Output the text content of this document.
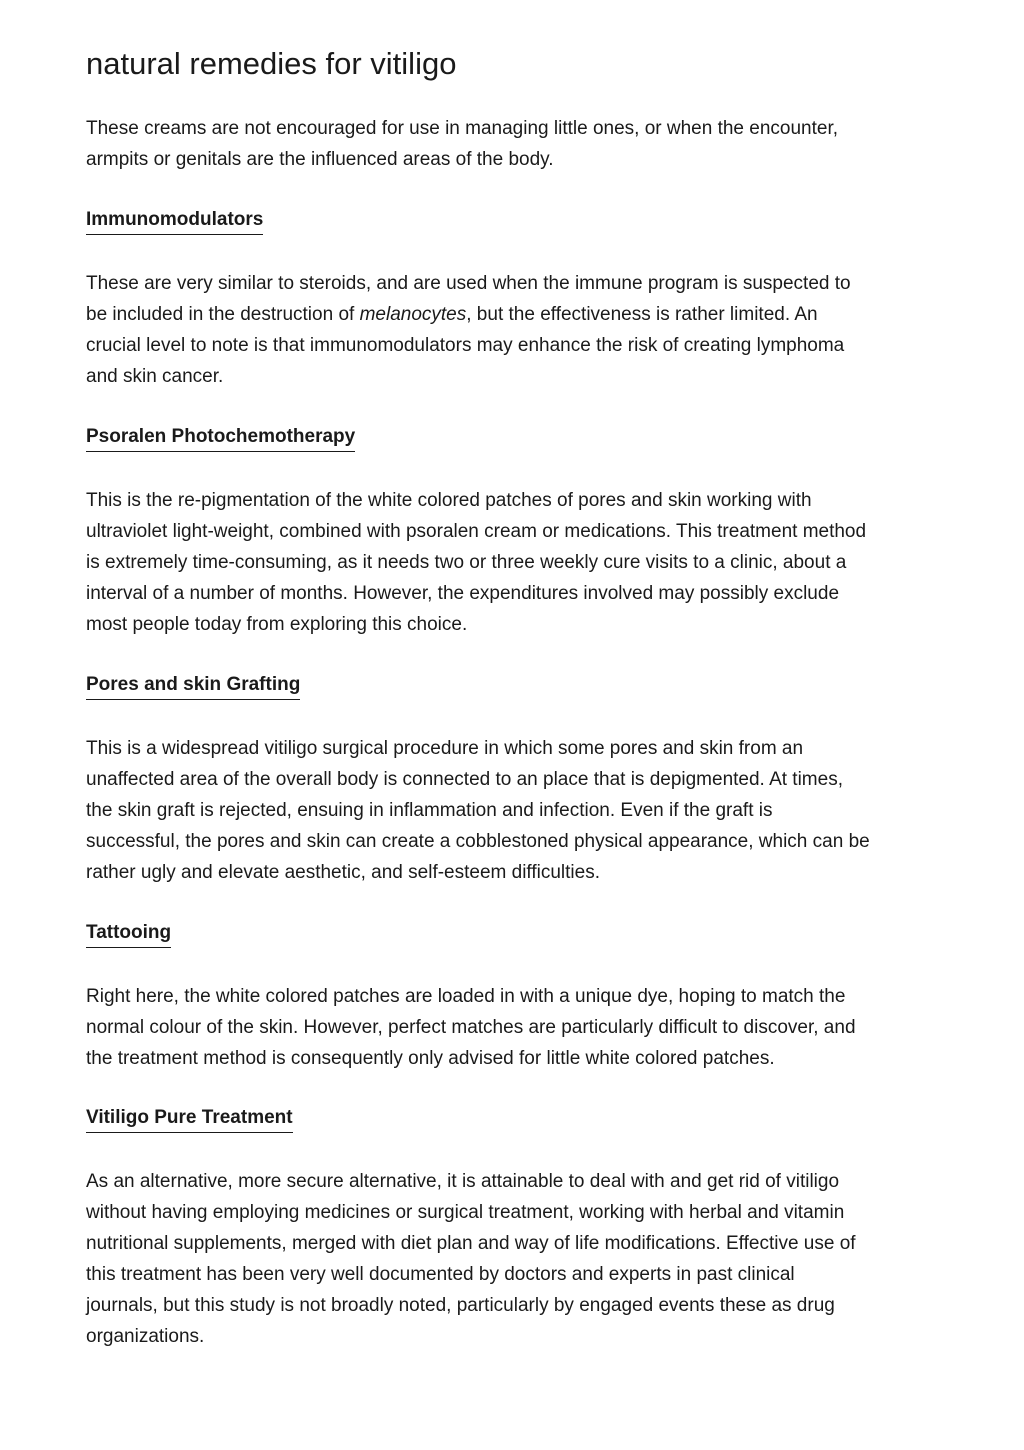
natural remedies for vitiligo

These creams are not encouraged for use in managing little ones, or when the encounter,
armpits or genitals are the influenced areas of the body.

Immunomodulators

These are very similar to steroids, and are used when the immune program is suspected to
be included in the destruction of melanocytes, but the effectiveness is rather limited. An
crucial level to note is that immunomodulators may enhance the risk of creating lymphoma
and skin cancer.

Psoralen Photochemotherapy

This is the re-pigmentation of the white colored patches of pores and skin working with
ultraviolet light-weight, combined with psoralen cream or medications. This treatment method
is extremely time-consuming, as it needs two or three weekly cure visits to a clinic, about a
interval of a number of months. However, the expenditures involved may possibly exclude
most people today from exploring this choice.

Pores and skin Grafting

This is a widespread vitiligo surgical procedure in which some pores and skin from an
unaffected area of the overall body is connected to an place that is depigmented. At times,
the skin graft is rejected, ensuing in inflammation and infection. Even if the graft is
successful, the pores and skin can create a cobblestoned physical appearance, which can be
rather ugly and elevate aesthetic, and self-esteem difficulties.

Tattooing

Right here, the white colored patches are loaded in with a unique dye, hoping to match the
normal colour of the skin. However, perfect matches are particularly difficult to discover, and
the treatment method is consequently only advised for little white colored patches.

Vitiligo Pure Treatment

As an alternative, more secure alternative, it is attainable to deal with and get rid of vitiligo
without having employing medicines or surgical treatment, working with herbal and vitamin
nutritional supplements, merged with diet plan and way of life modifications. Effective use of
this treatment has been very well documented by doctors and experts in past clinical
journals, but this study is not broadly noted, particularly by engaged events these as drug
organizations.
